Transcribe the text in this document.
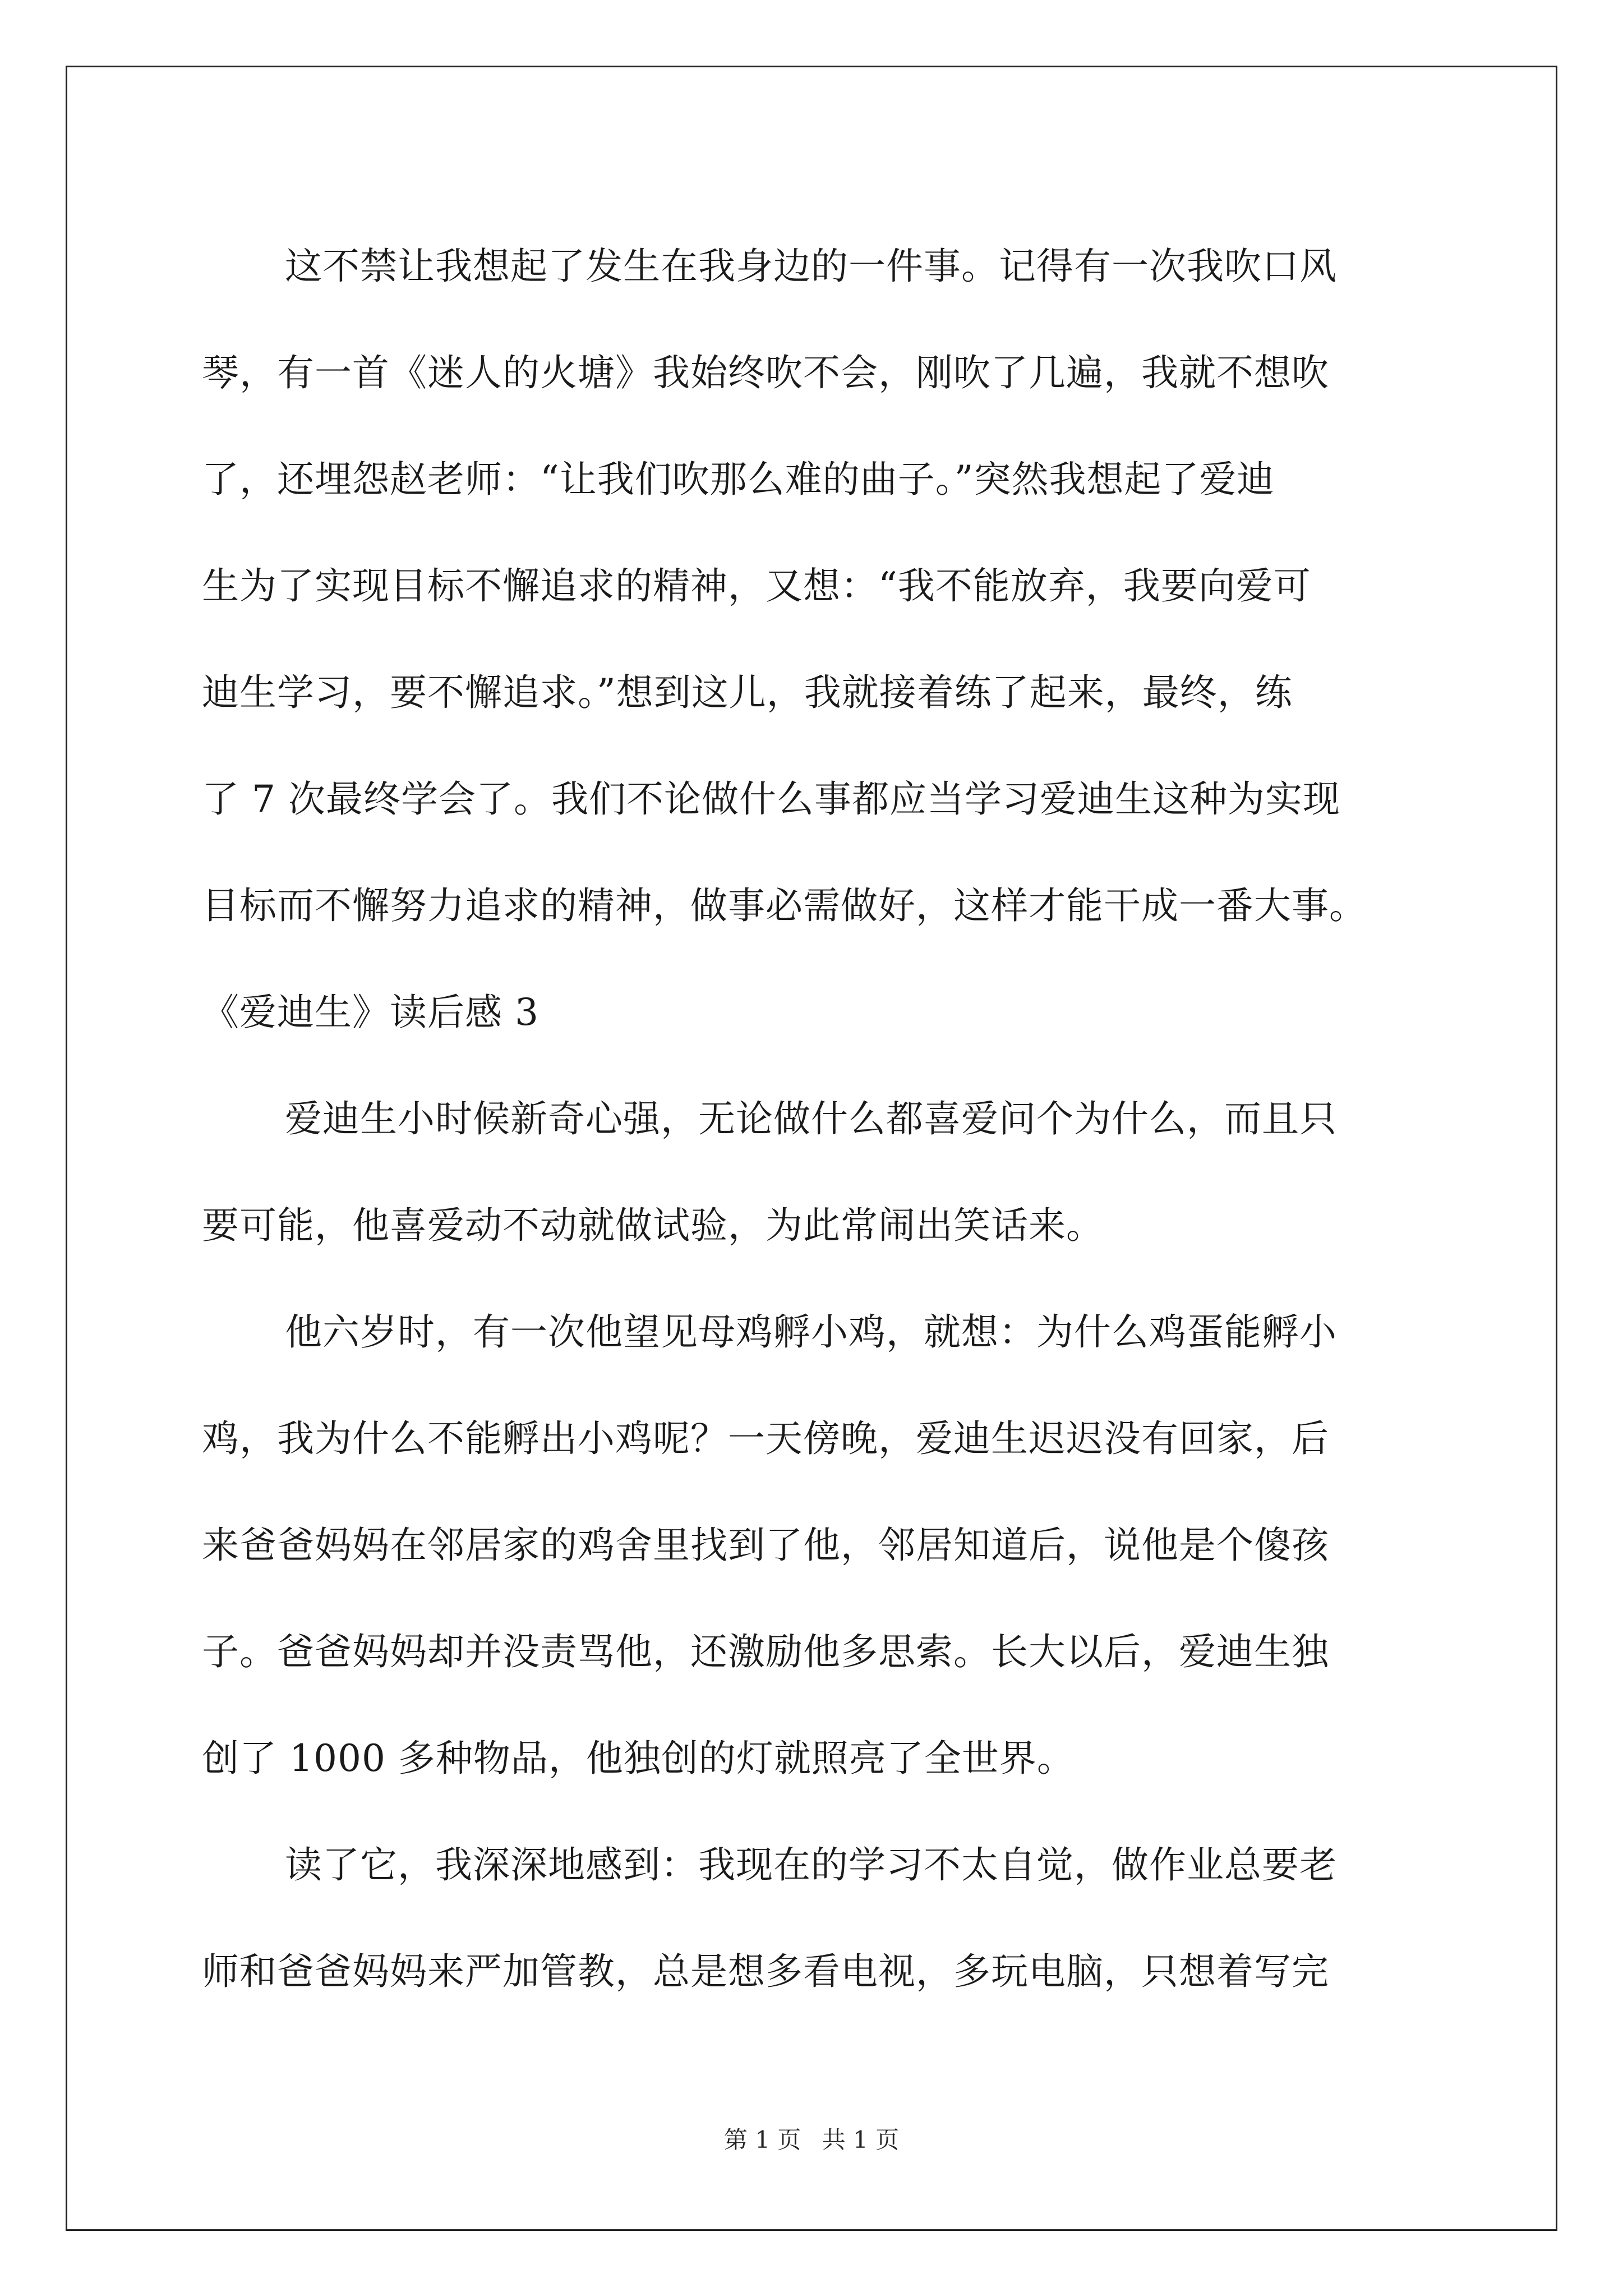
这不禁让我想起了发生在我身边的一件事。记得有一次我吹口风
琴，有一首《迷人的火塘》我始终吹不会，刚吹了几遍，我就不想吹
了，还埋怨赵老师：“让我们吹那么难的曲子。”突然我想起了爱迪
生为了实现目标不懈追求的精神，又想：“我不能放弃，我要向爱可
迪生学习，要不懈追求。”想到这儿，我就接着练了起来，最终，练
了 7 次最终学会了。我们不论做什么事都应当学习爱迪生这种为实现
目标而不懈努力追求的精神，做事必需做好，这样才能干成一番大事。
《爱迪生》读后感 3
爱迪生小时候新奇心强，无论做什么都喜爱问个为什么，而且只
要可能，他喜爱动不动就做试验，为此常闹出笑话来。
他六岁时，有一次他望见母鸡孵小鸡，就想：为什么鸡蛋能孵小
鸡，我为什么不能孵出小鸡呢？一天傍晚，爱迪生迟迟没有回家，后
来爸爸妈妈在邻居家的鸡舍里找到了他，邻居知道后，说他是个傻孩
子。爸爸妈妈却并没责骂他，还激励他多思索。长大以后，爱迪生独
创了 1000 多种物品，他独创的灯就照亮了全世界。
读了它，我深深地感到：我现在的学习不太自觉，做作业总要老
师和爸爸妈妈来严加管教，总是想多看电视，多玩电脑，只想着写完
第 1 页 共 1 页
